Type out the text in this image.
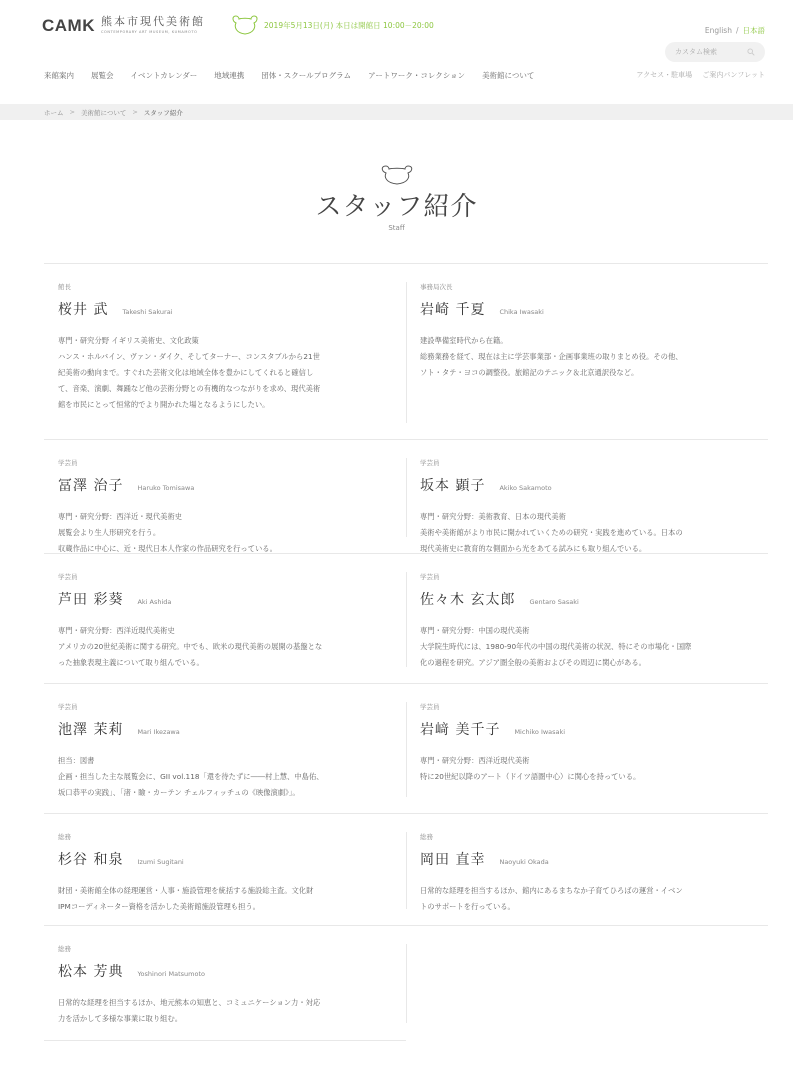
CAMK 熊本市現代美術館
CONTEMPORARY ART MUSEUM, KUMAMOTO
2019年5月13日(月) 本日は開館日 10:00－20:00
English / 日本語
カスタム検索
来館案内 展覧会 イベントカレンダー 地域連携 団体・スクールプログラム アートワーク・コレクション 美術館について	アクセス・駐車場 ご案内パンフレット
ホーム > 美術館について > スタッフ紹介
スタッフ紹介
Staff
館長
桜井 武 Takeshi Sakurai
専門・研究分野 イギリス美術史、文化政策
ハンス・ホルバイン、ヴァン・ダイク、そしてターナー、コンスタブルから21世
紀美術の動向まで。すぐれた芸術文化は地域全体を豊かにしてくれると確信し
て、音楽、演劇、舞踊など他の芸術分野との有機的なつながりを求め、現代美術
館を市民にとって恒常的でより開かれた場となるようにしたい。
事務局次長
岩崎 千夏 Chika Iwasaki
建設準備室時代から在籍。
総務業務を経て、現在は主に学芸事業部・企画事業班の取りまとめ役。その他、
ソト・タテ・ヨコの調整役。旅館記のテニック＆北京通訳役など。
学芸員
冨澤 治子 Haruko Tomisawa
専門・研究分野：西洋近・現代美術史
展覧会より生人形研究を行う。
収蔵作品に中心に、近・現代日本人作家の作品研究を行っている。
学芸員
坂本 顕子 Akiko Sakamoto
専門・研究分野：美術教育、日本の現代美術
美術や美術館がより市民に開かれていくための研究・実践を進めている。日本の
現代美術史に教育的な側面から光をあてる試みにも取り組んでいる。
学芸員
芦田 彩葵 Aki Ashida
専門・研究分野：西洋近現代美術史
アメリカの20世紀美術に関する研究。中でも、欧米の現代美術の展開の基盤とな
った抽象表現主義について取り組んでいる。
学芸員
佐々木 玄太郎 Gentaro Sasaki
専門・研究分野：中国の現代美術
大学院生時代には、1980-90年代の中国の現代美術の状況、特にその市場化・国際
化の過程を研究。アジア圏全般の美術およびその周辺に関心がある。
学芸員
池澤 茉莉 Mari Ikezawa
担当：図書
企画・担当した主な展覧会に、GII vol.118「還を待たずに――村上慧、中島佑、
坂口恭平の実践」、「渚・瞼・カーテン チェルフィッチュの《映像演劇》」。
学芸員
岩﨑 美千子 Michiko Iwasaki
専門・研究分野：西洋近現代美術
特に20世紀以降のアート（ドイツ語圏中心）に関心を持っている。
総務
杉谷 和泉 Izumi Sugitani
財団・美術館全体の経理運営・人事・施設管理を統括する施設総主査。文化財
IPMコーディネーター資格を活かした美術館施設管理も担う。
総務
岡田 直幸 Naoyuki Okada
日常的な経理を担当するほか、館内にあるまちなか子育てひろばの運営・イベン
トのサポートを行っている。
総務
松本 芳典 Yoshinori Matsumoto
日常的な経理を担当するほか、地元熊本の知恵と、コミュニケーション力・対応
力を活かして多様な事業に取り組む。
